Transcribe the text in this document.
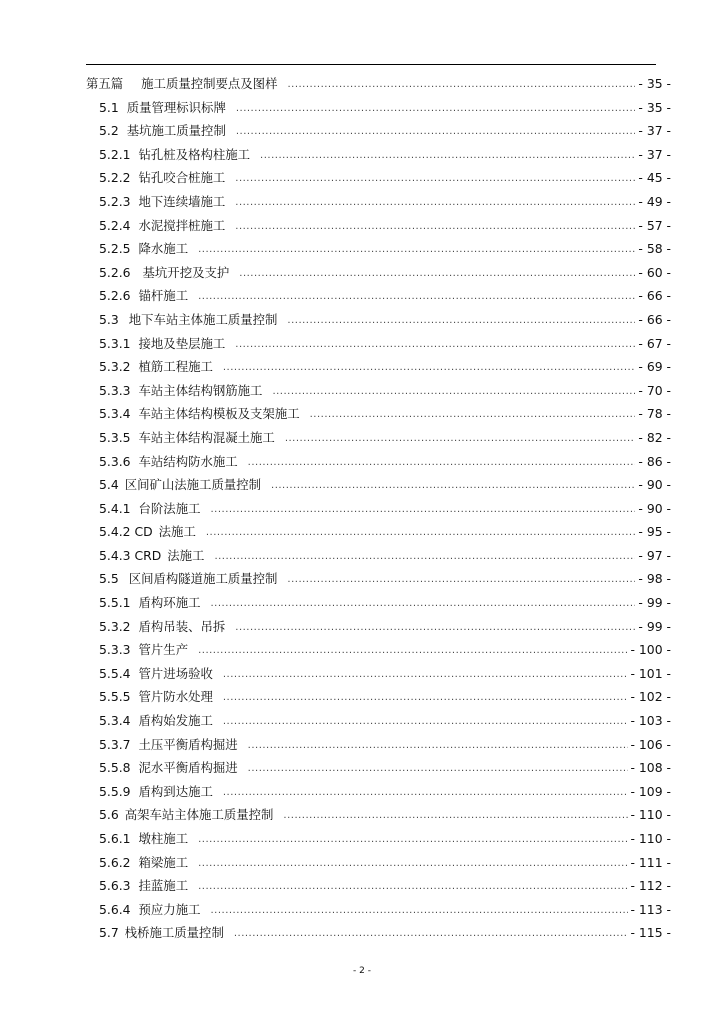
第五篇 施工质量控制要点及图样 .....	- 35 -
5.1 质量管理标识标牌 .....	- 35 -
5.2 基坑施工质量控制 .....	- 37 -
5.2.1 钻孔桩及格构柱施工 .....	- 37 -
5.2.2 钻孔咬合桩施工 .....	- 45 -
5.2.3 地下连续墙施工 .....	- 49 -
5.2.4 水泥搅拌桩施工 .....	- 57 -
5.2.5 降水施工 .....	- 58 -
5.2.6 基坑开挖及支护 .....	- 60 -
5.2.6 锚杆施工 .....	- 66 -
5.3 地下车站主体施工质量控制 .....	- 66 -
5.3.1 接地及垫层施工 .....	- 67 -
5.3.2 植筋工程施工 .....	- 69 -
5.3.3 车站主体结构钢筋施工 .....	- 70 -
5.3.4 车站主体结构模板及支架施工 .....	- 78 -
5.3.5 车站主体结构混凝土施工 .....	- 82 -
5.3.6 车站结构防水施工 .....	- 86 -
5.4 区间矿山法施工质量控制 .....	- 90 -
5.4.1 台阶法施工 .....	- 90 -
5.4.2 CD 法施工 .....	- 95 -
5.4.3 CRD 法施工 .....	- 97 -
5.5 区间盾构隧道施工质量控制 .....	- 98 -
5.5.1 盾构环施工 .....	- 99 -
5.3.2 盾构吊装、吊拆 .....	- 99 -
5.3.3 管片生产 .....	- 100 -
5.5.4 管片进场验收 .....	- 101 -
5.5.5 管片防水处理 .....	- 102 -
5.3.4 盾构始发施工 .....	- 103 -
5.3.7 土压平衡盾构掘进 .....	- 106 -
5.5.8 泥水平衡盾构掘进 .....	- 108 -
5.5.9 盾构到达施工 .....	- 109 -
5.6 高架车站主体施工质量控制 .....	- 110 -
5.6.1 墩柱施工 .....	- 110 -
5.6.2 箱梁施工 .....	- 111 -
5.6.3 挂蓝施工 .....	- 112 -
5.6.4 预应力施工 .....	- 113 -
5.7 栈桥施工质量控制 .....	- 115 -
- 2 -
